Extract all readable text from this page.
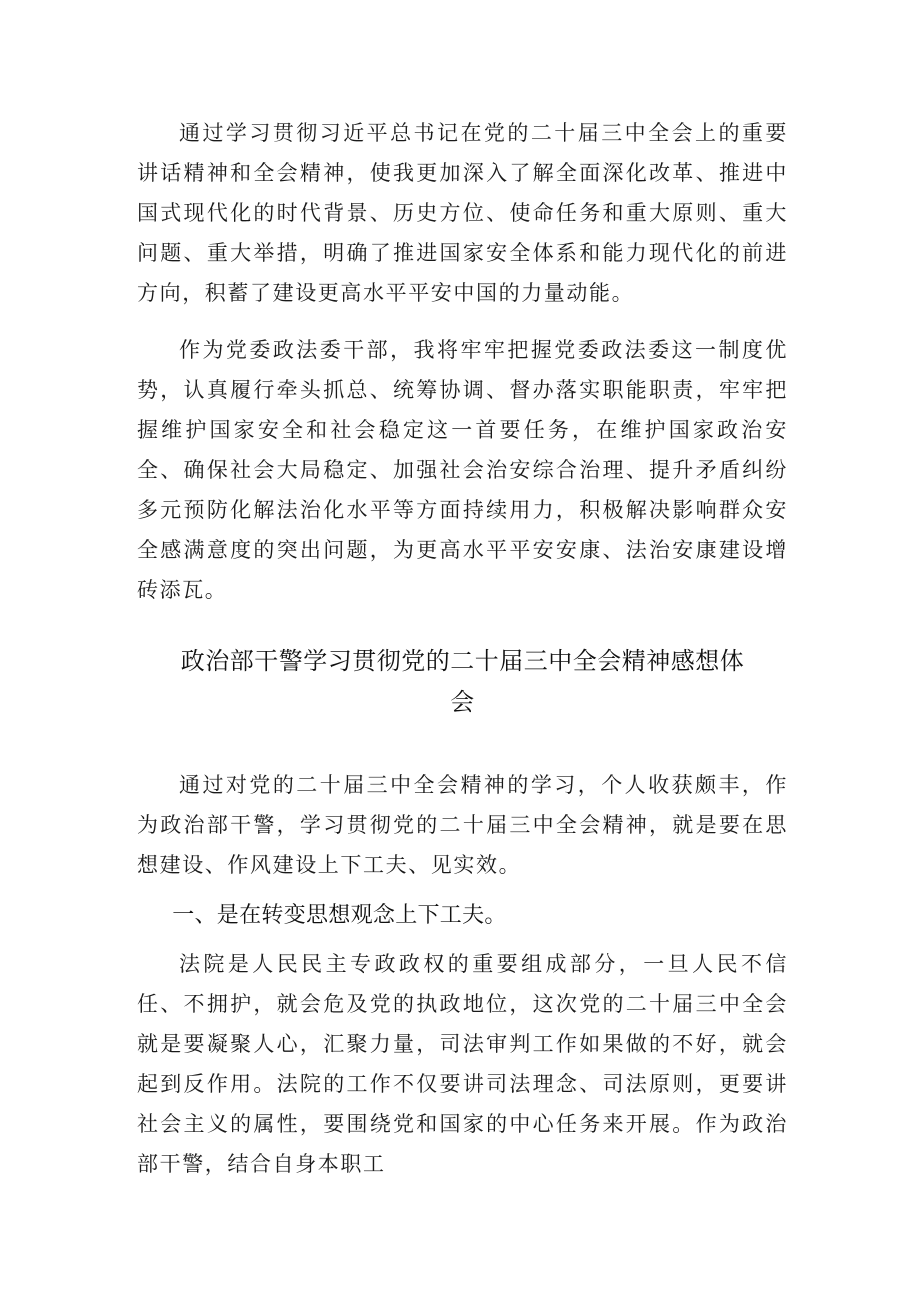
通过学习贯彻习近平总书记在党的二十届三中全会上的重要讲话精神和全会精神，使我更加深入了解全面深化改革、推进中国式现代化的时代背景、历史方位、使命任务和重大原则、重大问题、重大举措，明确了推进国家安全体系和能力现代化的前进方向，积蓄了建设更高水平平安中国的力量动能。

作为党委政法委干部，我将牢牢把握党委政法委这一制度优势，认真履行牵头抓总、统筹协调、督办落实职能职责，牢牢把握维护国家安全和社会稳定这一首要任务，在维护国家政治安全、确保社会大局稳定、加强社会治安综合治理、提升矛盾纠纷多元预防化解法治化水平等方面持续用力，积极解决影响群众安全感满意度的突出问题，为更高水平平安安康、法治安康建设增砖添瓦。

政治部干警学习贯彻党的二十届三中全会精神感想体

会

通过对党的二十届三中全会精神的学习，个人收获颇丰，作为政治部干警，学习贯彻党的二十届三中全会精神，就是要在思想建设、作风建设上下工夫、见实效。

一、是在转变思想观念上下工夫。

法院是人民民主专政政权的重要组成部分，一旦人民不信任、不拥护，就会危及党的执政地位，这次党的二十届三中全会就是要凝聚人心，汇聚力量，司法审判工作如果做的不好，就会起到反作用。法院的工作不仅要讲司法理念、司法原则，更要讲社会主义的属性，要围绕党和国家的中心任务来开展。作为政治部干警，结合自身本职工
